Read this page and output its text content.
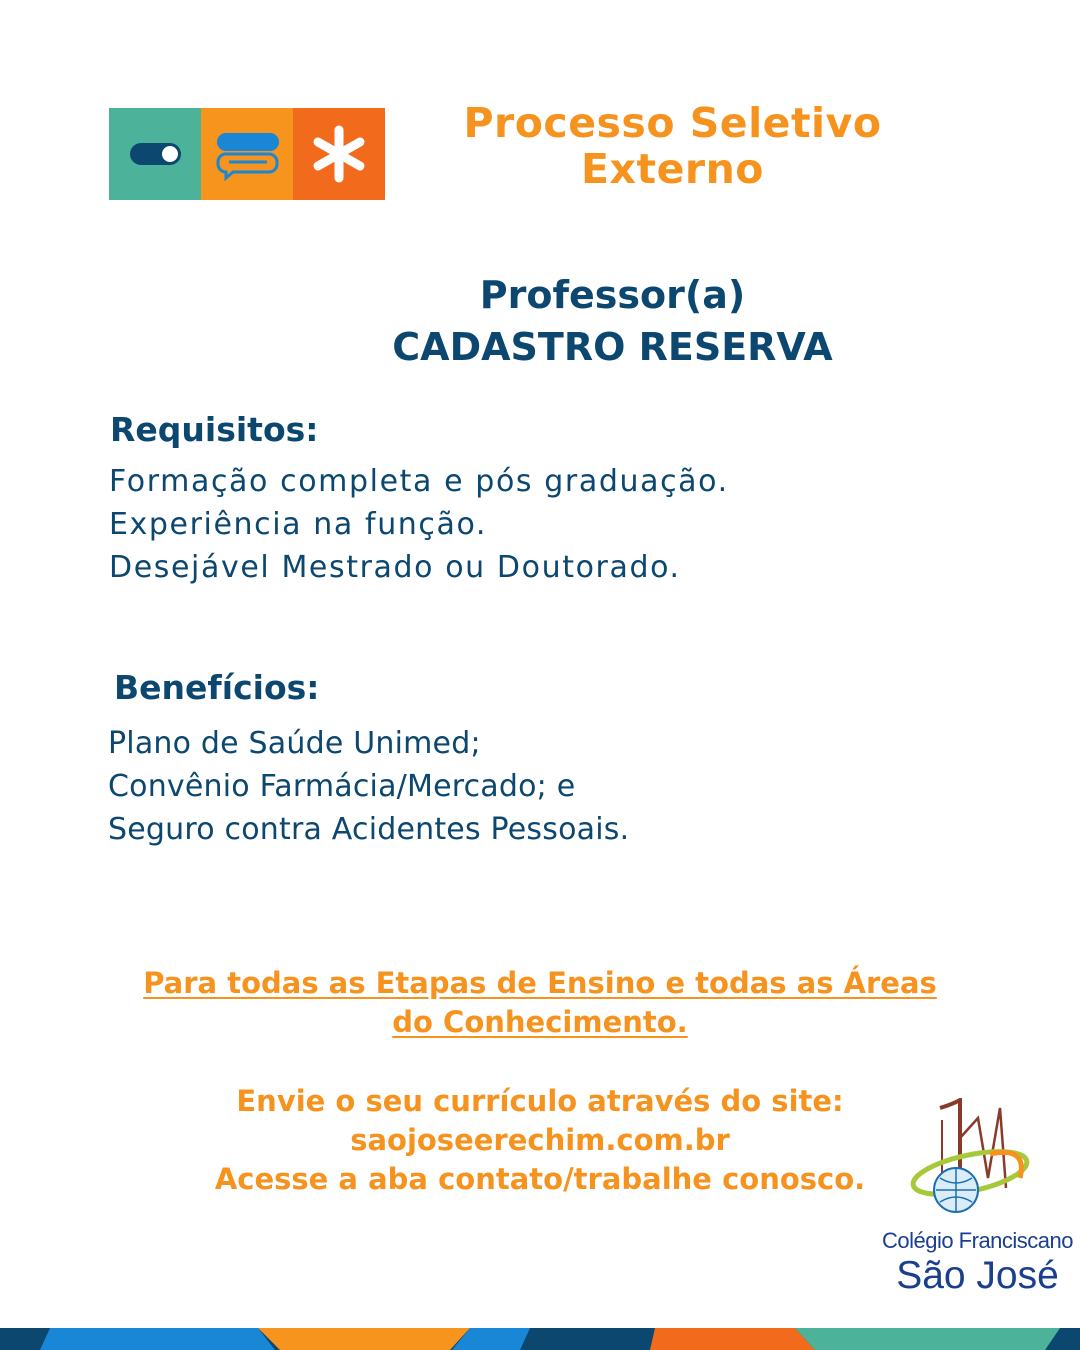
Processo Seletivo
Externo
Professor(a)
CADASTRO RESERVA
Requisitos:
Formação completa e pós graduação.
Experiência na função.
Desejável Mestrado ou Doutorado.
Benefícios:
Plano de Saúde Unimed;
Convênio Farmácia/Mercado; e
Seguro contra Acidentes Pessoais.
Para todas as Etapas de Ensino e todas as Áreas
do Conhecimento.
Envie o seu currículo através do site:
saojoseerechim.com.br
Acesse a aba contato/trabalhe conosco.
Colégio Franciscano
São José
